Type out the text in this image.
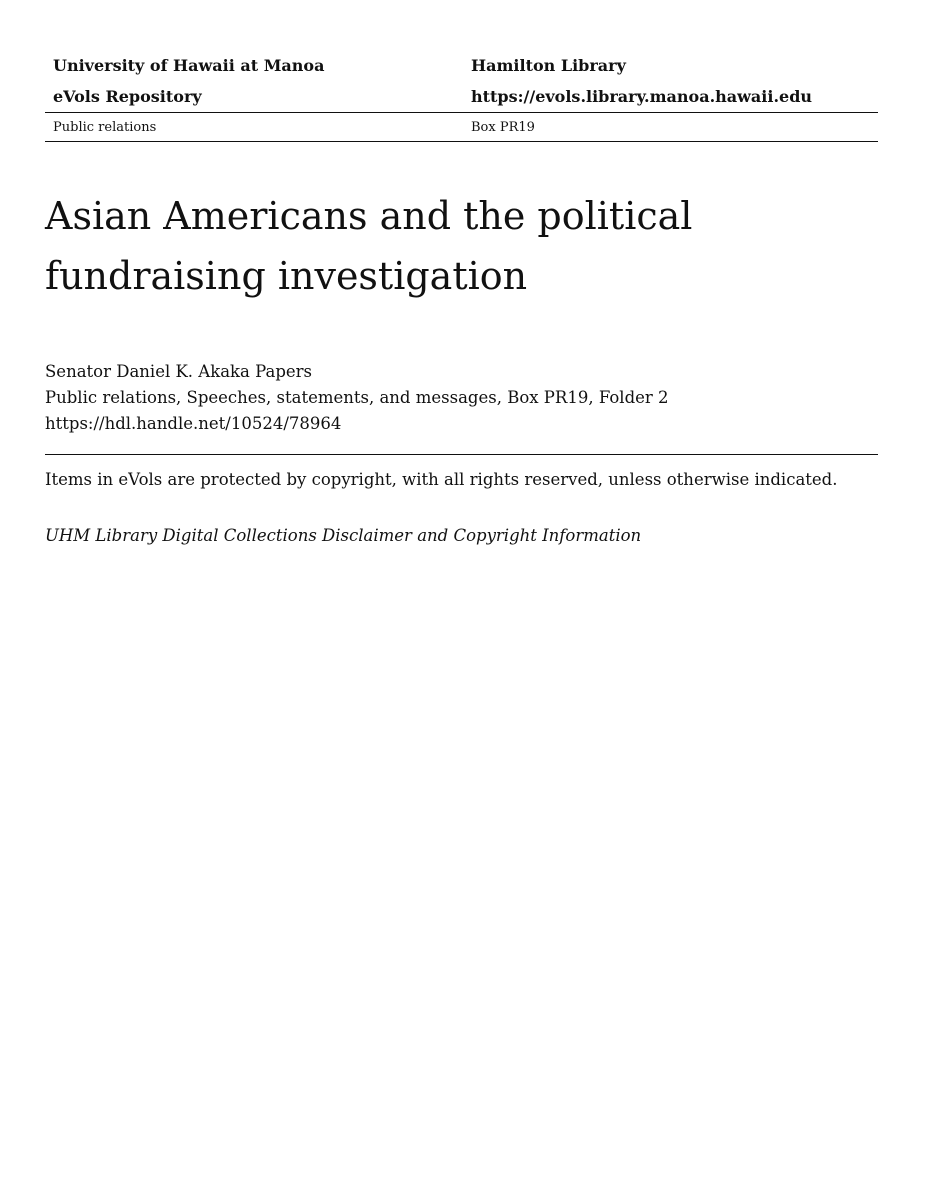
University of Hawaii at Manoa	Hamilton Library
eVols Repository	https://evols.library.manoa.hawaii.edu
Public relations	Box PR19
Asian Americans and the political fundraising investigation
Senator Daniel K. Akaka Papers
Public relations, Speeches, statements, and messages, Box PR19, Folder 2
https://hdl.handle.net/10524/78964
Items in eVols are protected by copyright, with all rights reserved, unless otherwise indicated.
UHM Library Digital Collections Disclaimer and Copyright Information
